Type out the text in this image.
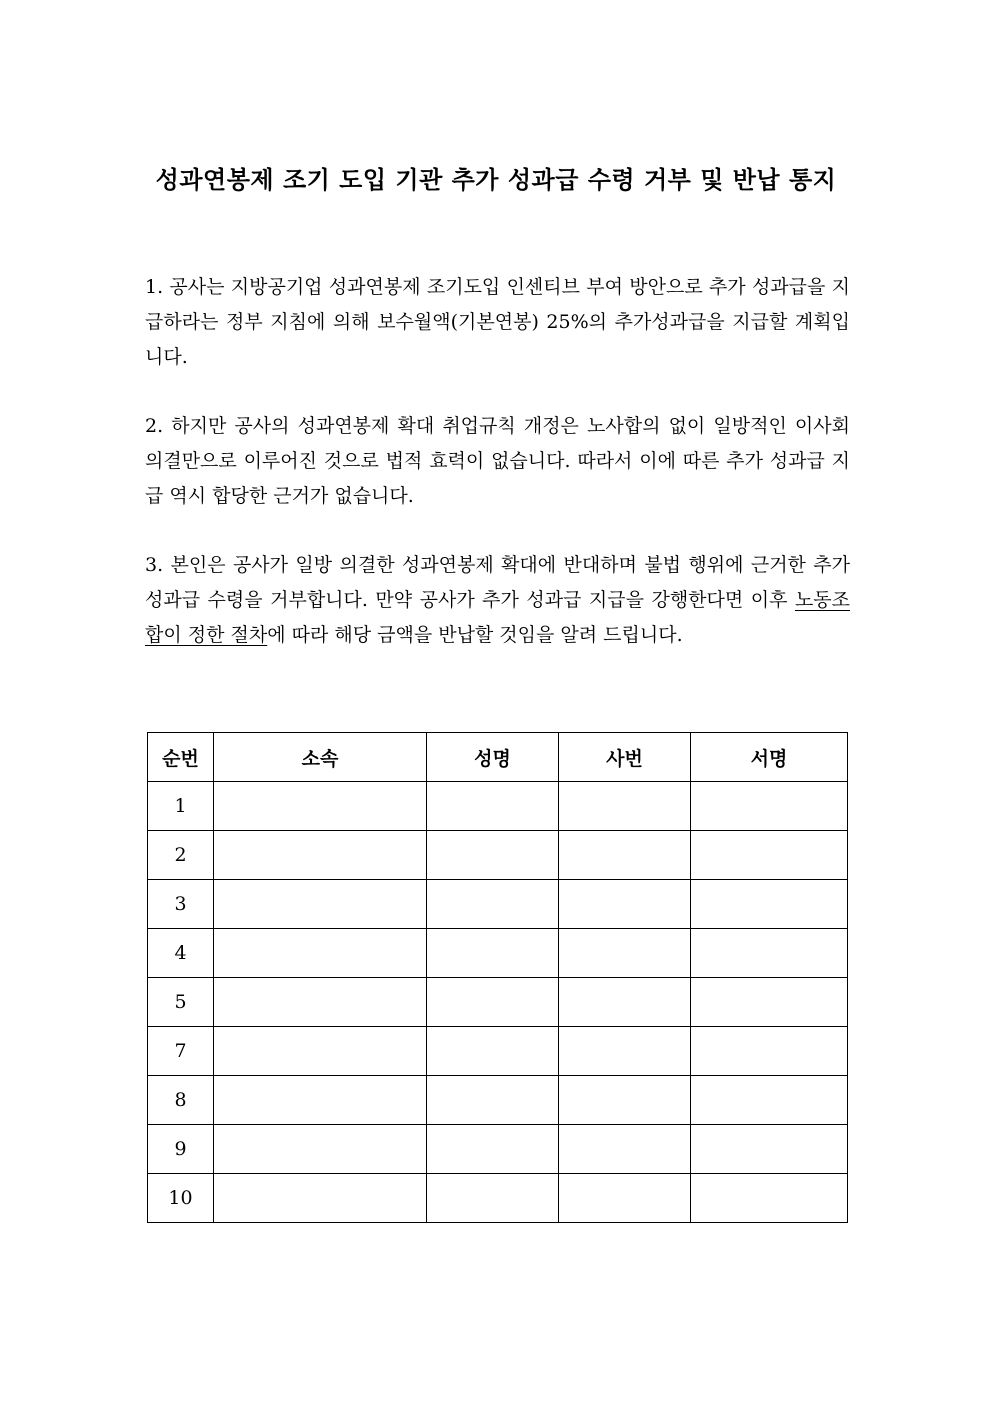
성과연봉제 조기 도입 기관 추가 성과급 수령 거부 및 반납 통지

1. 공사는 지방공기업 성과연봉제 조기도입 인센티브 부여 방안으로 추가 성과급을 지급하라는 정부 지침에 의해 보수월액(기본연봉) 25%의 추가성과급을 지급할 계획입니다.

2. 하지만 공사의 성과연봉제 확대 취업규칙 개정은 노사합의 없이 일방적인 이사회 의결만으로 이루어진 것으로 법적 효력이 없습니다. 따라서 이에 따른 추가 성과급 지급 역시 합당한 근거가 없습니다.

3. 본인은 공사가 일방 의결한 성과연봉제 확대에 반대하며 불법 행위에 근거한 추가 성과급 수령을 거부합니다. 만약 공사가 추가 성과급 지급을 강행한다면 이후 노동조합이 정한 절차에 따라 해당 금액을 반납할 것임을 알려 드립니다.

순번	소속	성명	사번	서명
1				
2				
3				
4				
5				
7				
8				
9				
10				
